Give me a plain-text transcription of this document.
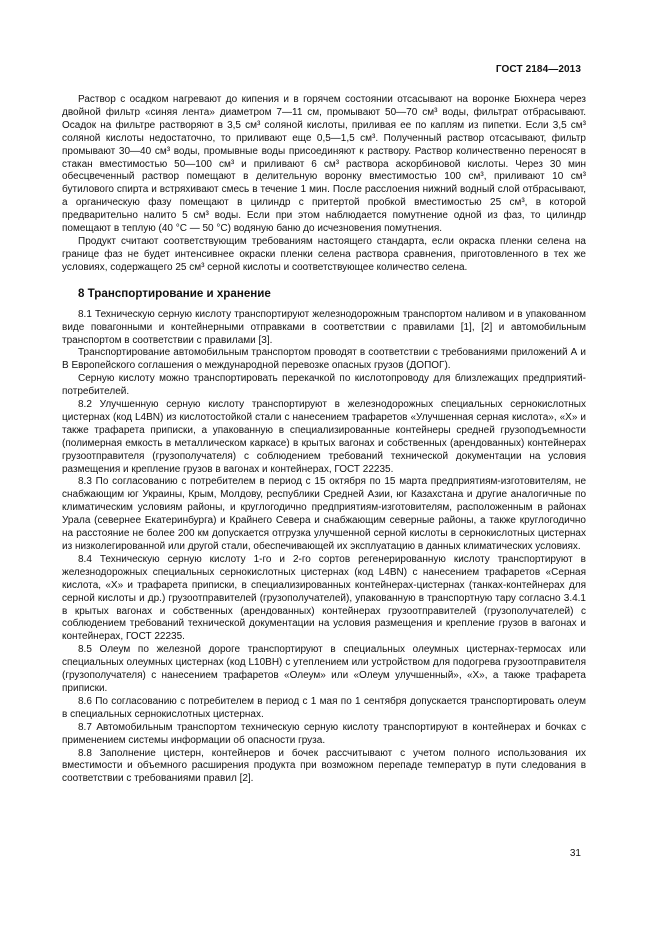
ГОСТ 2184—2013

Раствор с осадком нагревают до кипения и в горячем состоянии отсасывают на воронке Бюхнера через двойной фильтр «синяя лента» диаметром 7—11 см, промывают 50—70 см³ воды, фильтрат отбрасывают. Осадок на фильтре растворяют в 3,5 см³ соляной кислоты, приливая ее по каплям из пипетки. Если 3,5 см³ соляной кислоты недостаточно, то приливают еще 0,5—1,5 см³. Полученный раствор отсасывают, фильтр промывают 30—40 см³ воды, промывные воды присоединяют к раствору. Раствор количественно переносят в стакан вместимостью 50—100 см³ и приливают 6 см³ раствора аскорбиновой кислоты. Через 30 мин обесцвеченный раствор помещают в делительную воронку вместимостью 100 см³, приливают 10 см³ бутилового спирта и встряхивают смесь в течение 1 мин. После расслоения нижний водный слой отбрасывают, а органическую фазу помещают в цилиндр с притертой пробкой вместимостью 25 см³, в которой предварительно налито 5 см³ воды. Если при этом наблюдается помутнение одной из фаз, то цилиндр помещают в теплую (40 °С — 50 °С) водяную баню до исчезновения помутнения.

Продукт считают соответствующим требованиям настоящего стандарта, если окраска пленки селена на границе фаз не будет интенсивнее окраски пленки селена раствора сравнения, приготовленного в тех же условиях, содержащего 25 см³ серной кислоты и соответствующее количество селена.

8 Транспортирование и хранение

8.1 Техническую серную кислоту транспортируют железнодорожным транспортом наливом и в упакованном виде повагонными и контейнерными отправками в соответствии с правилами [1], [2] и автомобильным транспортом в соответствии с правилами [3].

Транспортирование автомобильным транспортом проводят в соответствии с требованиями приложений А и В Европейского соглашения о международной перевозке опасных грузов (ДОПОГ).

Серную кислоту можно транспортировать перекачкой по кислотопроводу для близлежащих предприятий-потребителей.

8.2 Улучшенную серную кислоту транспортируют в железнодорожных специальных сернокислотных цистернах (код L4BN) из кислотостойкой стали с нанесением трафаретов «Улучшенная серная кислота», «Х» и также трафарета приписки, а упакованную в специализированные контейнеры средней грузоподъемности (полимерная емкость в металлическом каркасе) в крытых вагонах и собственных (арендованных) контейнерах грузоотправителя (грузополучателя) с соблюдением требований технической документации на условия размещения и крепление грузов в вагонах и контейнерах, ГОСТ 22235.

8.3 По согласованию с потребителем в период с 15 октября по 15 марта предприятиям-изготовителям, не снабжающим юг Украины, Крым, Молдову, республики Средней Азии, юг Казахстана и другие аналогичные по климатическим условиям районы, и круглогодично предприятиям-изготовителям, расположенным в районах Урала (севернее Екатеринбурга) и Крайнего Севера и снабжающим северные районы, а также круглогодично на расстояние не более 200 км допускается отгрузка улучшенной серной кислоты в сернокислотных цистернах из низколегированной или другой стали, обеспечивающей их эксплуатацию в данных климатических условиях.

8.4 Техническую серную кислоту 1-го и 2-го сортов регенерированную кислоту транспортируют в железнодорожных специальных сернокислотных цистернах (код L4BN) с нанесением трафаретов «Серная кислота, «Х» и трафарета приписки, в специализированных контейнерах-цистернах (танках-контейнерах для серной кислоты и др.) грузоотправителей (грузополучателей), упакованную в транспортную тару согласно 3.4.1 в крытых вагонах и собственных (арендованных) контейнерах грузоотправителей (грузополучателей) с соблюдением требований технической документации на условия размещения и крепление грузов в вагонах и контейнерах, ГОСТ 22235.

8.5 Олеум по железной дороге транспортируют в специальных олеумных цистернах-термосах или специальных олеумных цистернах (код L10BH) с утеплением или устройством для подогрева грузоотправителя (грузополучателя) с нанесением трафаретов «Олеум» или «Олеум улучшенный», «Х», а также трафарета приписки.

8.6 По согласованию с потребителем в период с 1 мая по 1 сентября допускается транспортировать олеум в специальных сернокислотных цистернах.

8.7 Автомобильным транспортом техническую серную кислоту транспортируют в контейнерах и бочках с применением системы информации об опасности груза.

8.8 Заполнение цистерн, контейнеров и бочек рассчитывают с учетом полного использования их вместимости и объемного расширения продукта при возможном перепаде температур в пути следования в соответствии с требованиями правил [2].

31
